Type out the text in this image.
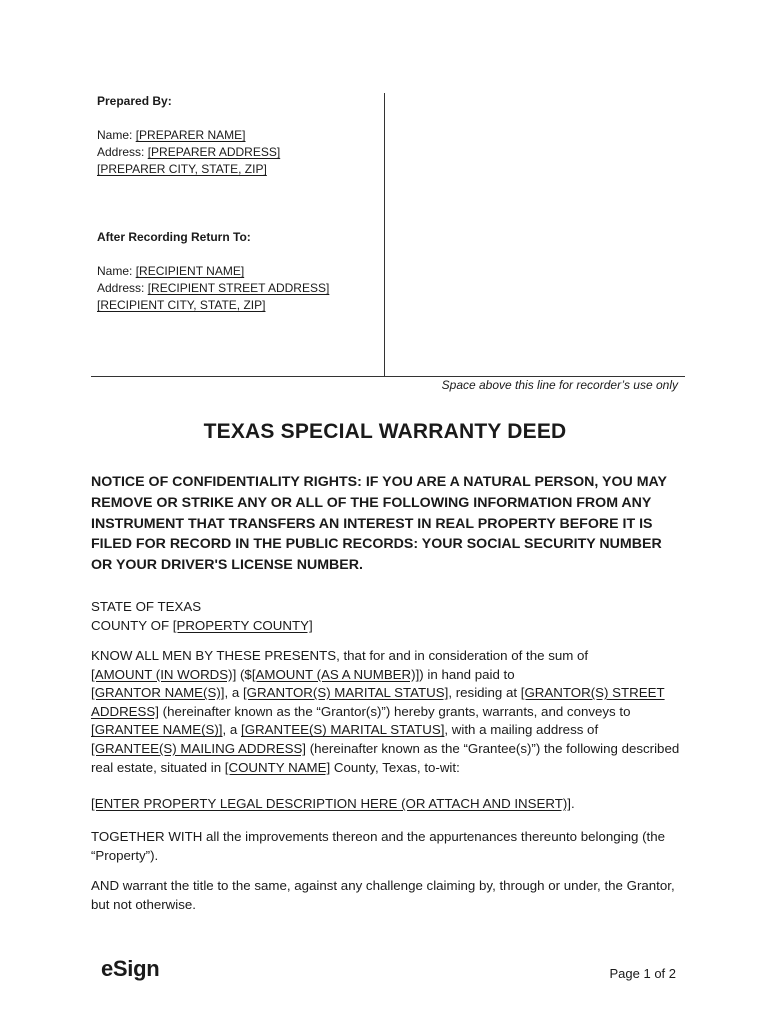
Prepared By:
Name: [PREPARER NAME]
Address: [PREPARER ADDRESS]
[PREPARER CITY, STATE, ZIP]
After Recording Return To:
Name: [RECIPIENT NAME]
Address: [RECIPIENT STREET ADDRESS]
[RECIPIENT CITY, STATE, ZIP]
Space above this line for recorder’s use only
TEXAS SPECIAL WARRANTY DEED
NOTICE OF CONFIDENTIALITY RIGHTS: IF YOU ARE A NATURAL PERSON, YOU MAY REMOVE OR STRIKE ANY OR ALL OF THE FOLLOWING INFORMATION FROM ANY INSTRUMENT THAT TRANSFERS AN INTEREST IN REAL PROPERTY BEFORE IT IS FILED FOR RECORD IN THE PUBLIC RECORDS: YOUR SOCIAL SECURITY NUMBER OR YOUR DRIVER'S LICENSE NUMBER.
STATE OF TEXAS
COUNTY OF [PROPERTY COUNTY]
KNOW ALL MEN BY THESE PRESENTS, that for and in consideration of the sum of
[AMOUNT (IN WORDS)] ($[AMOUNT (AS A NUMBER)]) in hand paid to
[GRANTOR NAME(S)], a [GRANTOR(S) MARITAL STATUS], residing at [GRANTOR(S) STREET ADDRESS] (hereinafter known as the “Grantor(s)”) hereby grants, warrants, and conveys to [GRANTEE NAME(S)], a [GRANTEE(S) MARITAL STATUS], with a mailing address of [GRANTEE(S) MAILING ADDRESS] (hereinafter known as the “Grantee(s)”) the following described real estate, situated in [COUNTY NAME] County, Texas, to-wit:
[ENTER PROPERTY LEGAL DESCRIPTION HERE (OR ATTACH AND INSERT)].
TOGETHER WITH all the improvements thereon and the appurtenances thereunto belonging (the “Property”).
AND warrant the title to the same, against any challenge claiming by, through or under, the Grantor, but not otherwise.
eSign	Page 1 of 2
